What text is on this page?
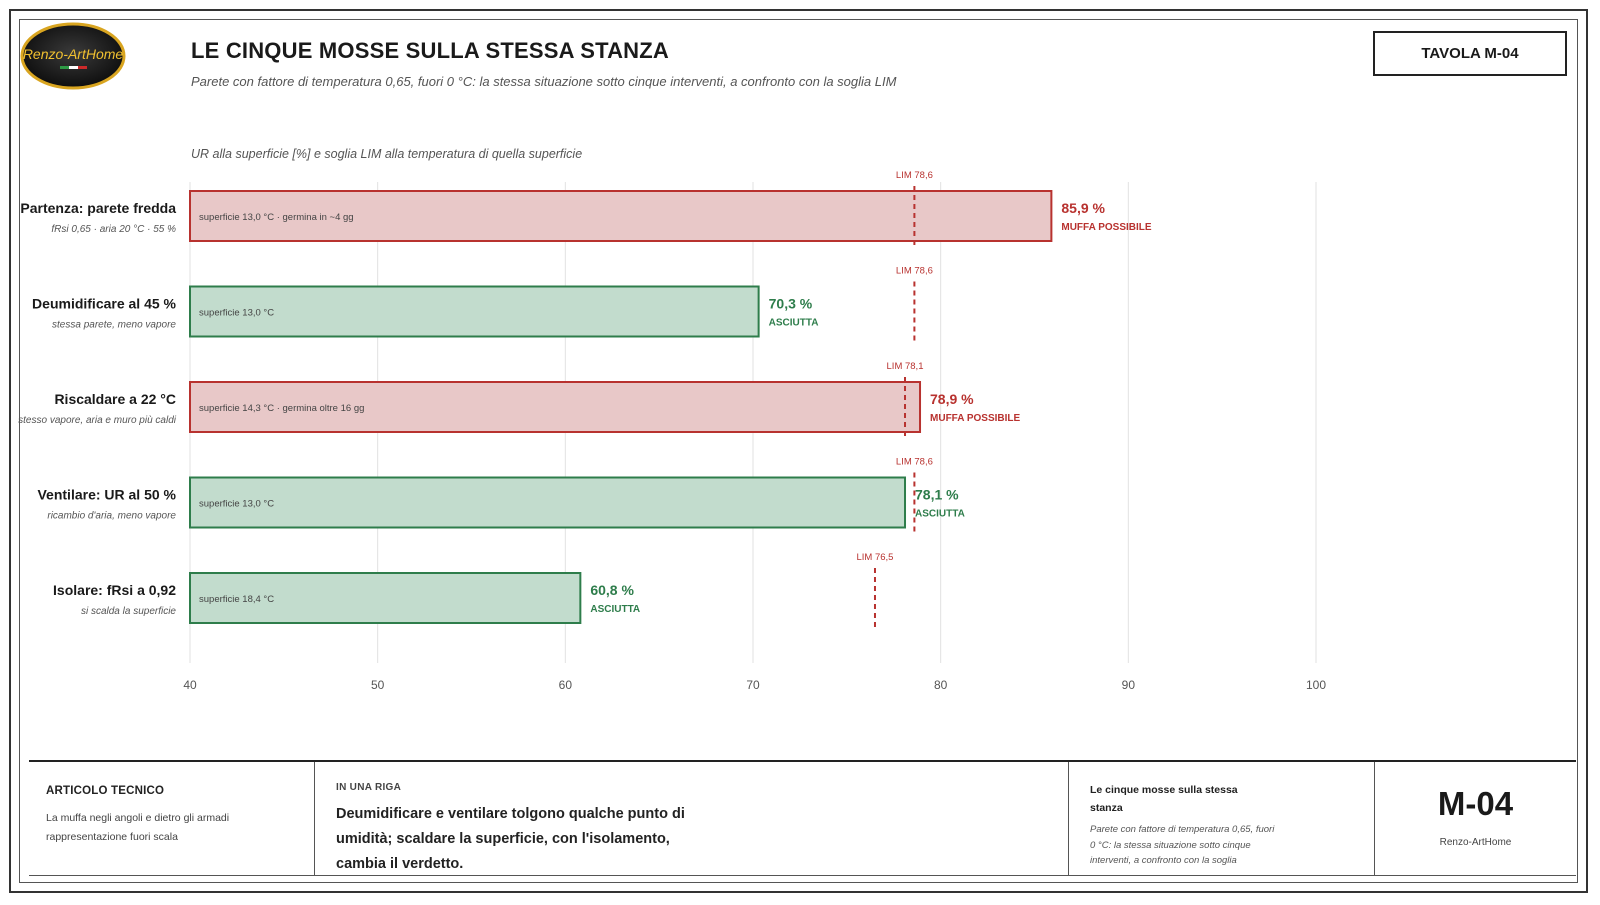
Renzo-ArtHome	LE CINQUE MOSSE SULLA STESSA STANZA
Parete con fattore di temperatura 0,65, fuori 0 °C: la stessa situazione sotto cinque interventi, a confronto con la soglia LIM
TAVOLA M-04
UR alla superficie [%] e soglia LIM alla temperatura di quella superficie
40	50	60	70	80	90	100
superficie 13,0 °C · germina in ~4 gg
Partenza: parete fredda
fRsi 0,65 · aria 20 °C · 55 %
85,9 %
MUFFA POSSIBILE
LIM 78,6
superficie 13,0 °C
Deumidificare al 45 %
stessa parete, meno vapore
70,3 %
ASCIUTTA
LIM 78,6
superficie 14,3 °C · germina oltre 16 gg
Riscaldare a 22 °C
stesso vapore, aria e muro più caldi
78,9 %
MUFFA POSSIBILE
LIM 78,1
superficie 13,0 °C
Ventilare: UR al 50 %
ricambio d'aria, meno vapore
78,1 %
ASCIUTTA
LIM 78,6
superficie 18,4 °C
Isolare: fRsi a 0,92
si scalda la superficie
60,8 %
ASCIUTTA
LIM 76,5
ARTICOLO TECNICO
La muffa negli angoli e dietro gli armadi
rappresentazione fuori scala
IN UNA RIGA
Deumidificare e ventilare tolgono qualche punto di umidità; scaldare la superficie, con l'isolamento, cambia il verdetto.
Le cinque mosse sulla stessa stanza
Parete con fattore di temperatura 0,65, fuori 0 °C: la stessa situazione sotto cinque interventi, a confronto con la soglia
M-04
Renzo-ArtHome
